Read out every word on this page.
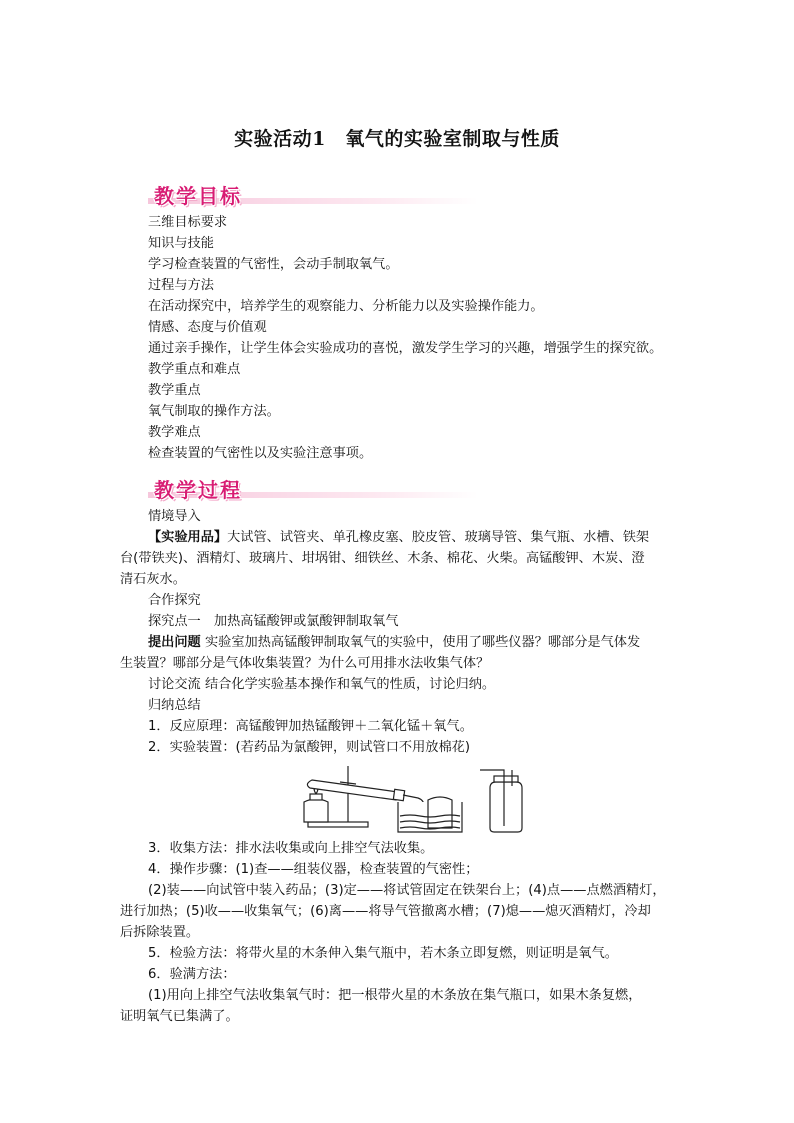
实验活动1　氧气的实验室制取与性质
教学目标
三维目标要求
知识与技能
学习检查装置的气密性，会动手制取氧气。
过程与方法
在活动探究中，培养学生的观察能力、分析能力以及实验操作能力。
情感、态度与价值观
通过亲手操作，让学生体会实验成功的喜悦，激发学生学习的兴趣，增强学生的探究欲。
教学重点和难点
教学重点
氧气制取的操作方法。
教学难点
检查装置的气密性以及实验注意事项。
教学过程
情境导入
【实验用品】大试管、试管夹、单孔橡皮塞、胶皮管、玻璃导管、集气瓶、水槽、铁架
台(带铁夹)、酒精灯、玻璃片、坩埚钳、细铁丝、木条、棉花、火柴。高锰酸钾、木炭、澄
清石灰水。
合作探究
探究点一　加热高锰酸钾或氯酸钾制取氧气
提出问题 实验室加热高锰酸钾制取氧气的实验中，使用了哪些仪器？哪部分是气体发
生装置？哪部分是气体收集装置？为什么可用排水法收集气体？
讨论交流 结合化学实验基本操作和氧气的性质，讨论归纳。
归纳总结
1．反应原理：高锰酸钾加热锰酸钾＋二氧化锰＋氧气。
2．实验装置：(若药品为氯酸钾，则试管口不用放棉花)
3．收集方法：排水法收集或向上排空气法收集。
4．操作步骤：(1)查——组装仪器，检查装置的气密性；
(2)装——向试管中装入药品；(3)定——将试管固定在铁架台上；(4)点——点燃酒精灯，
进行加热；(5)收——收集氧气；(6)离——将导气管撤离水槽；(7)熄——熄灭酒精灯，冷却
后拆除装置。
5．检验方法：将带火星的木条伸入集气瓶中，若木条立即复燃，则证明是氧气。
6．验满方法：
(1)用向上排空气法收集氧气时：把一根带火星的木条放在集气瓶口，如果木条复燃，
证明氧气已集满了。
